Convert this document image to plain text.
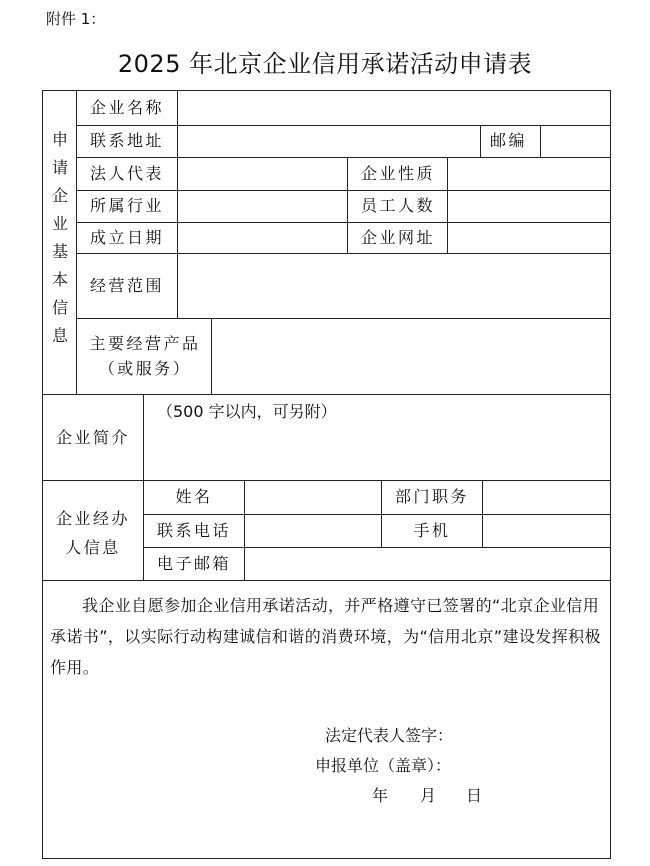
附件 1：
2025 年北京企业信用承诺活动申请表
申请企业基本信息
企业名称
联系地址	邮编
法人代表	企业性质
所属行业	员工人数
成立日期	企业网址
经营范围
主要经营产品
（或服务）
企业简介
（500 字以内，可另附）
企业经办
人信息
姓名	部门职务
联系电话	手机
电子邮箱
我企业自愿参加企业信用承诺活动，并严格遵守已签署的“北京企业信用承诺书”，以实际行动构建诚信和谐的消费环境，为“信用北京”建设发挥积极作用。
法定代表人签字：
申报单位（盖章）：
年 月 日
